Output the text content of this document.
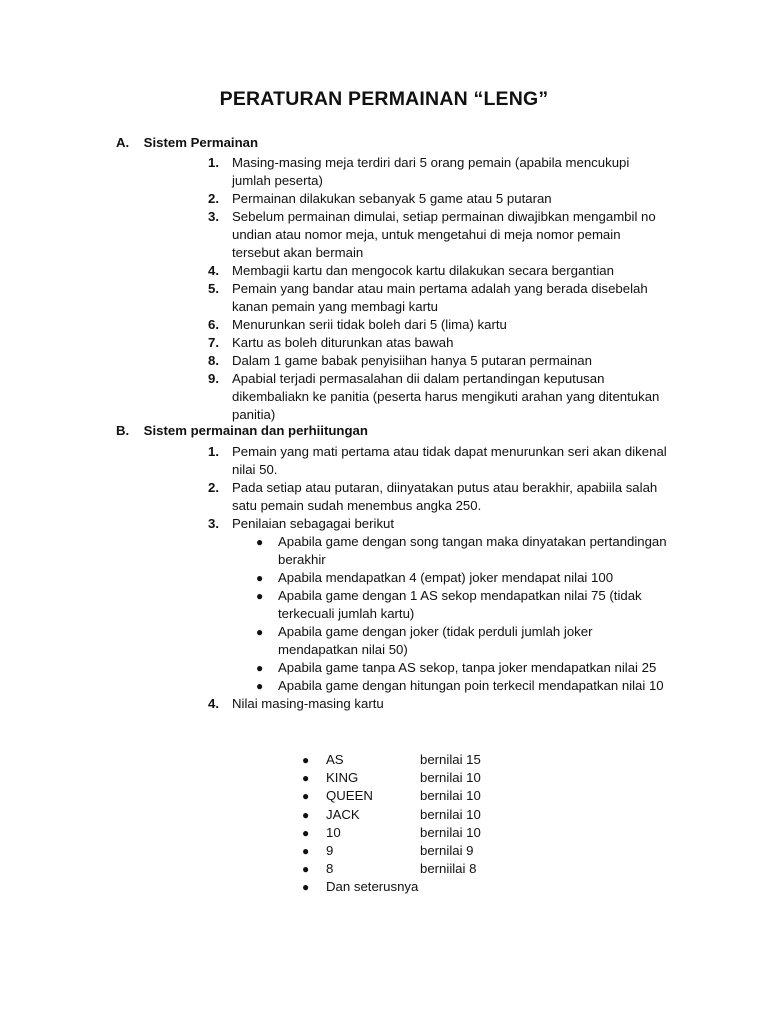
PERATURAN PERMAINAN “LENG”
A. Sistem Permainan
1. Masing-masing meja terdiri dari 5 orang pemain (apabila mencukupi jumlah peserta)
2. Permainan dilakukan sebanyak 5 game atau 5 putaran
3. Sebelum permainan dimulai, setiap permainan diwajibkan mengambil no undian atau nomor meja, untuk mengetahui di meja nomor pemain tersebut akan bermain
4. Membagii kartu dan mengocok kartu dilakukan secara bergantian
5. Pemain yang bandar atau main pertama adalah yang berada disebelah kanan pemain yang membagi kartu
6. Menurunkan serii tidak boleh dari 5 (lima) kartu
7. Kartu as boleh diturunkan atas bawah
8. Dalam 1 game babak penyisiihan hanya 5 putaran permainan
9. Apabial terjadi permasalahan dii dalam pertandingan keputusan dikembaliakn ke panitia (peserta harus mengikuti arahan yang ditentukan panitia)
B. Sistem permainan dan perhiitungan
1. Pemain yang mati pertama atau tidak dapat menurunkan seri akan dikenal nilai 50.
2. Pada setiap atau putaran, diinyatakan putus atau berakhir, apabiila salah satu pemain sudah menembus angka 250.
3. Penilaian sebagagai berikut
●	Apabila game dengan song tangan maka dinyatakan pertandingan berakhir
●	Apabila mendapatkan 4 (empat) joker mendapat nilai 100
●	Apabila game dengan 1 AS sekop mendapatkan nilai 75 (tidak terkecuali jumlah kartu)
●	Apabila game dengan joker (tidak perduli jumlah joker mendapatkan nilai 50)
●	Apabila game tanpa AS sekop, tanpa joker mendapatkan nilai 25
●	Apabila game dengan hitungan poin terkecil mendapatkan nilai 10
4. Nilai masing-masing kartu
●	AS	bernilai 15
●	KING	bernilai 10
●	QUEEN	bernilai 10
●	JACK	bernilai 10
●	10	bernilai 10
●	9	bernilai 9
●	8	berniilai 8
●	Dan seterusnya
